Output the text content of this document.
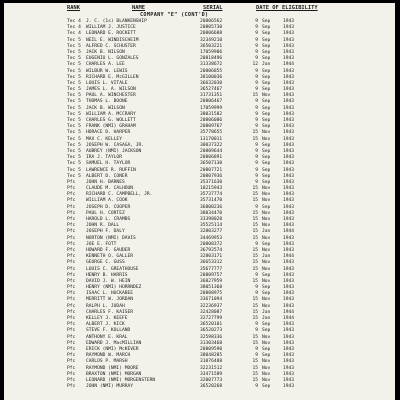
RANK	NAME	SERIAL	DATE OF ELIGIBILITY
COMPANY "E" (CONT'D)
Tec 4 J. C. (1s) BLANKENSHIP	20806562	9 Sep	1943
Tec 4 WILLIAM J. JUSTICE	20805730	9 Sep	1943
Tec 4 LEONARD E. ROCKETT	20806688	9 Sep	1943
Tec 5 NEIL E. WINDISCHEIM	32349210	9 Sep	1943
Tec 5 ALFRED C. SCHUSTER	36503221	9 Sep	1943
Tec 5 JACK B. NILSON	17059906	9 Sep	1943
Tec 5 EUGENIO L. GONZALES	20818496	9 Sep	1943
Tec 5 CHARLES A. LEE	31338672	12 Jan	1944
Tec 5 WILBUR W. LEWIS	20806855	9 Sep	1943
Tec 5 RICHARD E. McGILLEN	38100036	9 Sep	1943
Tec 5 LOUIS L. VITALE	36632030	9 Sep	1943
Tec 5 JAMES L. A. WILSON	36527467	9 Sep	1943
Tec 5 PAUL A. WINCHESTER	31731351	15 Nov	1943
Tec 5 THOMAS L. BOONE	20806467	9 Sep	1943
Tec 5 JACK B. WILSON	17059999	9 Sep	1943
Tec 5 WILLIAM A. MCCRARY	38031582	9 Sep	1943
Tec 5 CHARLES G. WOLLETT	20806086	9 Sep	1943
Tec 5 FRANK (NMI) GRAHAM	20809767	9 Sep	1943
Tec 5 HORACE D. HARPER	35778655	15 Nov	1943
Tec 5 MAX C. KELLEY	13170011	15 Nov	1943
Tec 5 JOSEPH W. CASAGA, JR.	38037322	9 Sep	1943
Tec 5 AUBREY (NMI) JACKSON	20809644	9 Sep	1943
Tec 5 IRA J. TAYLOR	20806891	9 Sep	1943
Tec 5 SAMUEL H. TAYLOR	36507130	9 Sep	1943
Tec 5 LAWRENCE R. RUFFIN	20807721	9 Sep	1943
Tec 5 ALBERT D. CONER	20807936	9 Sep	1943
Pfc JOHN H. BARNES	35371630	9 Sep	1943
Pfc CLAUDE M. CALHOUN	18215943	15 Nov	1943
Pfc RICHARD C. CAMPBELL, JR.	35737774	15 Nov	1943
Pfc WILLIAM A. COOK	35731470	15 Nov	1943
Pfc JOSEPH D. COOPER	36800236	9 Sep	1943
Pfc PAUL H. CORTEZ	38034470	15 Nov	1943
Pfc HAROLD L. CRAMBS	33398028	15 Nov	1943
Pfc JOHN R. DALL	35525114	15 Nov	1943
Pfc JOSEPH F. DALY	32803277	15 Jan	1944
Pfc NORTON (NMI) DAVIS	34469953	15 Nov	1943
Pfc JOE E. FOTT	20808372	9 Sep	1943
Pfc HOWARD F. GAUDER	36792574	15 Nov	1943
Pfc KENNETH O. GALLER	32803171	15 Jan	1944
Pfc GEORGE C. GUSS	36653312	15 Nov	1943
Pfc LOUIS C. GREATHOUSE	35677777	15 Nov	1943
Pfc HENRY B. HARRIS	20809757	9 Sep	1943
Pfc DAVID J. W. HEIN	36827959	15 Nov	1943
Pfc HENRY (NMI) HORRNDEZ	38051368	9 Sep	1943
Pfc ISAAC L. HUCKABEE	20808975	9 Sep	1943
Pfc MERRITT W. JORDAN	33671094	15 Nov	1943
Pfc RALPH L. JUDAH	32236937	15 Nov	1943
Pfc CHARLES F. KAISER	32428087	15 Jan	1944
Pfc KELLEY J. KEEFE	32727799	15 Jan	1944
Pfc ALBERT J. KICK	36520101	9 Sep	1943
Pfc STEVE F. KOLLAND	36520273	9 Sep	1943
Pfc ANTHONY E. KRAL	32598336	15 Nov	1943
Pfc EDWARD J. MacMILLIAN	31303468	15 Nov	1943
Pfc ERICK (NMI) McKEVER	20809590	9 Sep	1943
Pfc RAYMOND W. MARCH	38048285	9 Sep	1943
Pfc CARLOS P. MARSH	31076488	15 Nov	1943
Pfc RAYMOND (NMI) MOORE	32231512	15 Nov	1943
Pfc BRAXTON (NMI) MORGAN	33471589	15 Nov	1943
Pfc LEONARD (NMI) MORGENSTERN	32007773	15 Nov	1943
Pfc JOHN (NMI) MURRAY	36520268	9 Sep	1943
